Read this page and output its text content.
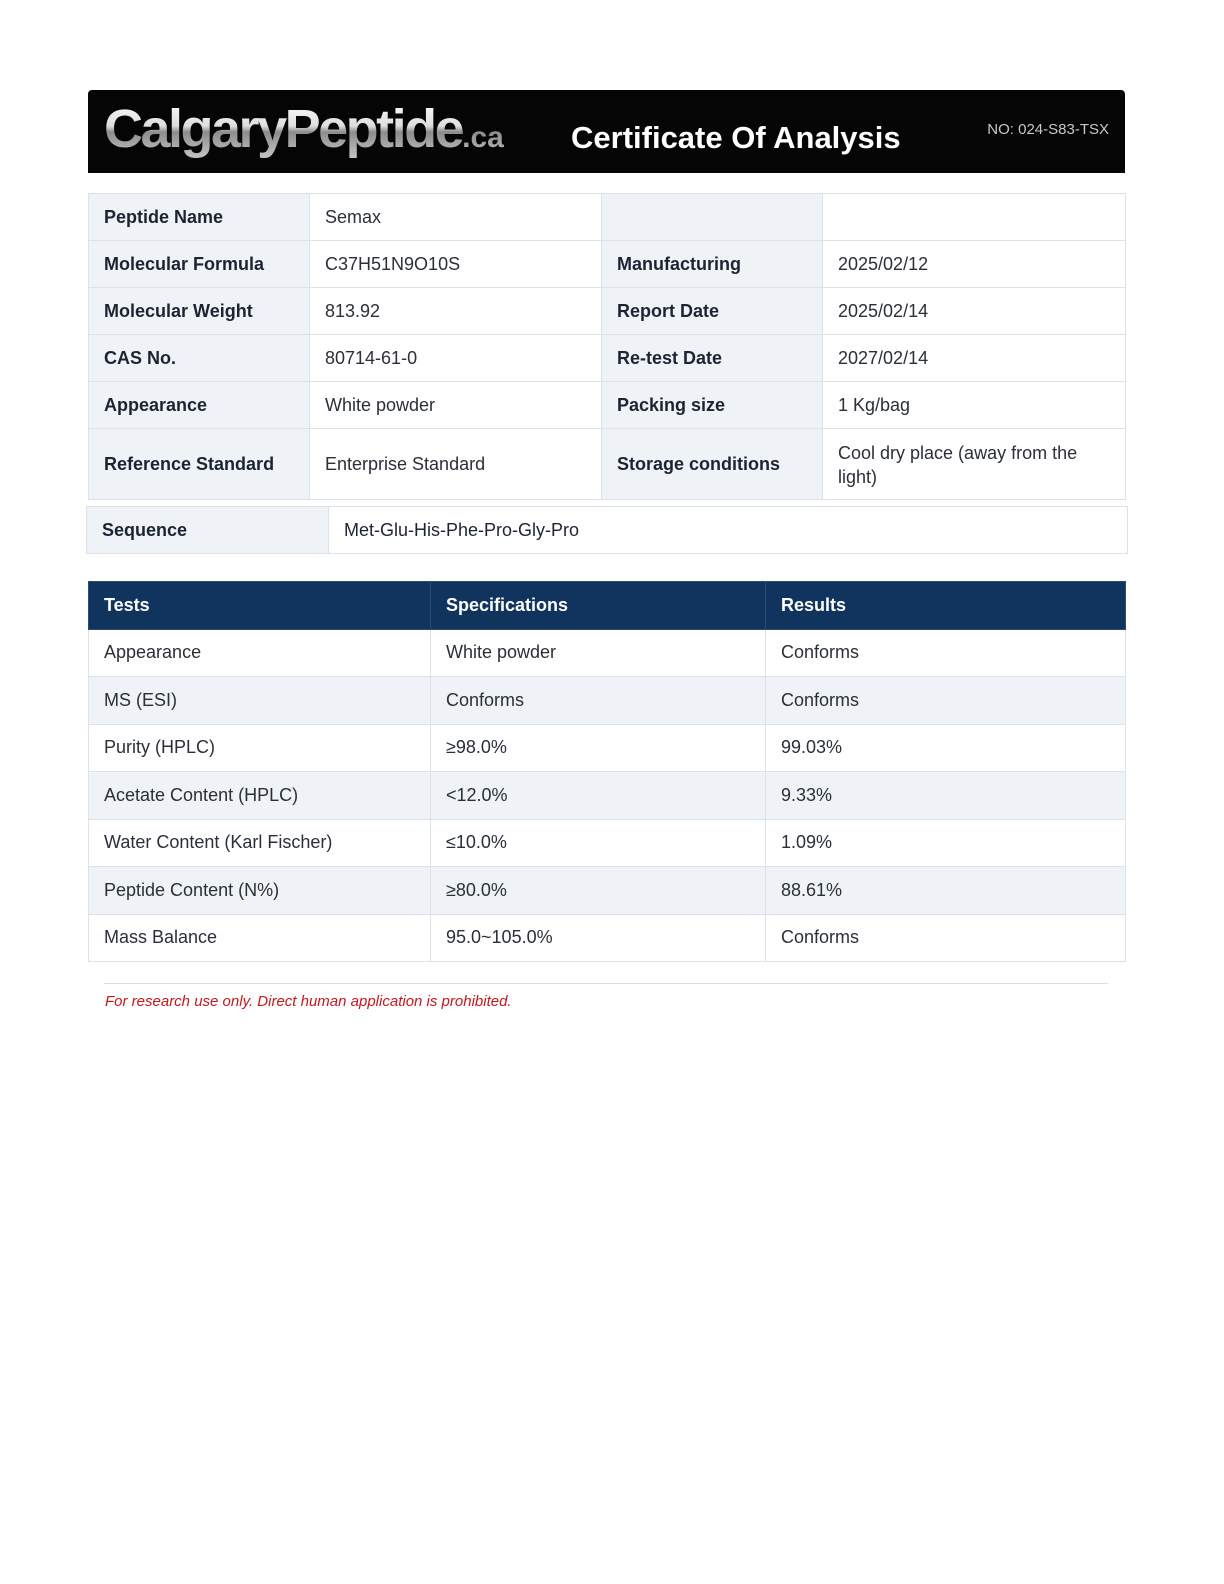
CalgaryPeptide.ca Certificate Of Analysis	NO: 024-S83-TSX
Peptide Name	Semax		
Molecular Formula	C37H51N9O10S	Manufacturing	2025/02/12
Molecular Weight	813.92	Report Date	2025/02/14
CAS No.	80714-61-0	Re-test Date	2027/02/14
Appearance	White powder	Packing size	1 Kg/bag
Reference Standard	Enterprise Standard	Storage conditions	Cool dry place (away from the light)
Sequence	Met-Glu-His-Phe-Pro-Gly-Pro
Tests	Specifications	Results
Appearance	White powder	Conforms
MS (ESI)	Conforms	Conforms
Purity (HPLC)	≥98.0%	99.03%
Acetate Content (HPLC)	<12.0%	9.33%
Water Content (Karl Fischer)	≤10.0%	1.09%
Peptide Content (N%)	≥80.0%	88.61%
Mass Balance	95.0~105.0%	Conforms
For research use only. Direct human application is prohibited.
